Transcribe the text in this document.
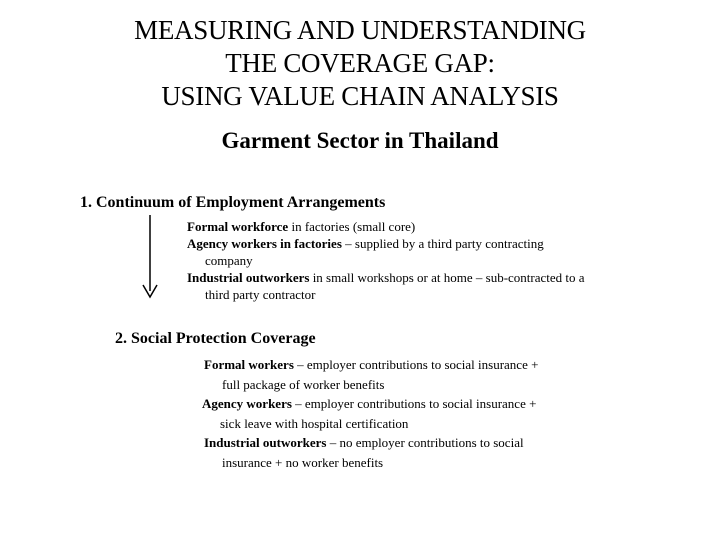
MEASURING AND UNDERSTANDING
THE COVERAGE GAP:
USING VALUE CHAIN ANALYSIS
Garment Sector in Thailand
1. Continuum of Employment Arrangements
Formal workforce in factories (small core)
Agency workers in factories – supplied by a third party contracting
company
Industrial outworkers in small workshops or at home – sub-contracted to a
third party contractor
2. Social Protection Coverage
Formal workers – employer contributions to social insurance +
full package of worker benefits
Agency workers – employer contributions to social insurance +
sick leave with hospital certification
Industrial outworkers – no employer contributions to social
insurance + no worker benefits
